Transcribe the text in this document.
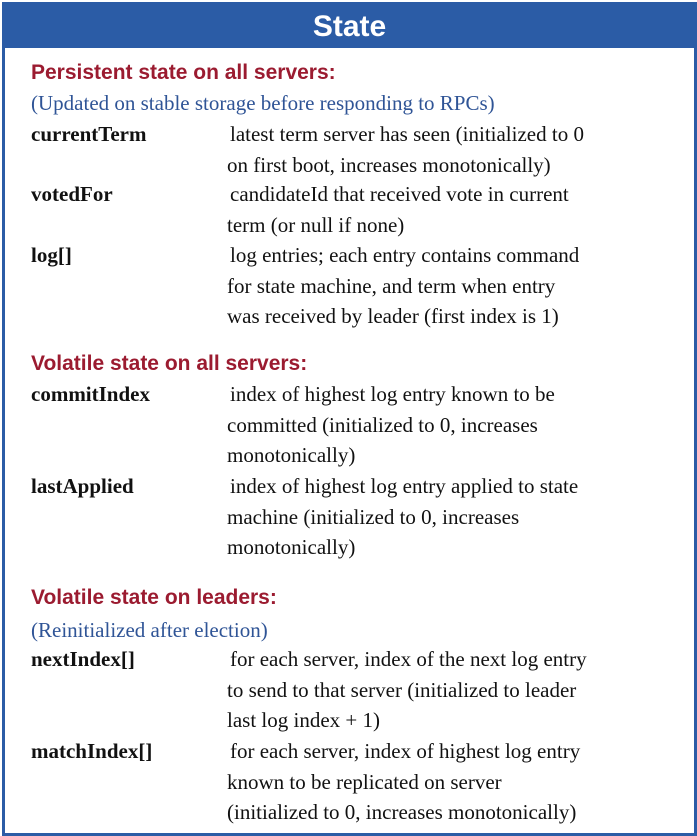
State
Persistent state on all servers:
(Updated on stable storage before responding to RPCs)
currentTerm	latest term server has seen (initialized to 0
on first boot, increases monotonically)
votedFor	candidateId that received vote in current
term (or null if none)
log[]	log entries; each entry contains command
for state machine, and term when entry
was received by leader (first index is 1)
Volatile state on all servers:
commitIndex	index of highest log entry known to be
committed (initialized to 0, increases
monotonically)
lastApplied	index of highest log entry applied to state
machine (initialized to 0, increases
monotonically)
Volatile state on leaders:
(Reinitialized after election)
nextIndex[]	for each server, index of the next log entry
to send to that server (initialized to leader
last log index + 1)
matchIndex[]	for each server, index of highest log entry
known to be replicated on server
(initialized to 0, increases monotonically)
